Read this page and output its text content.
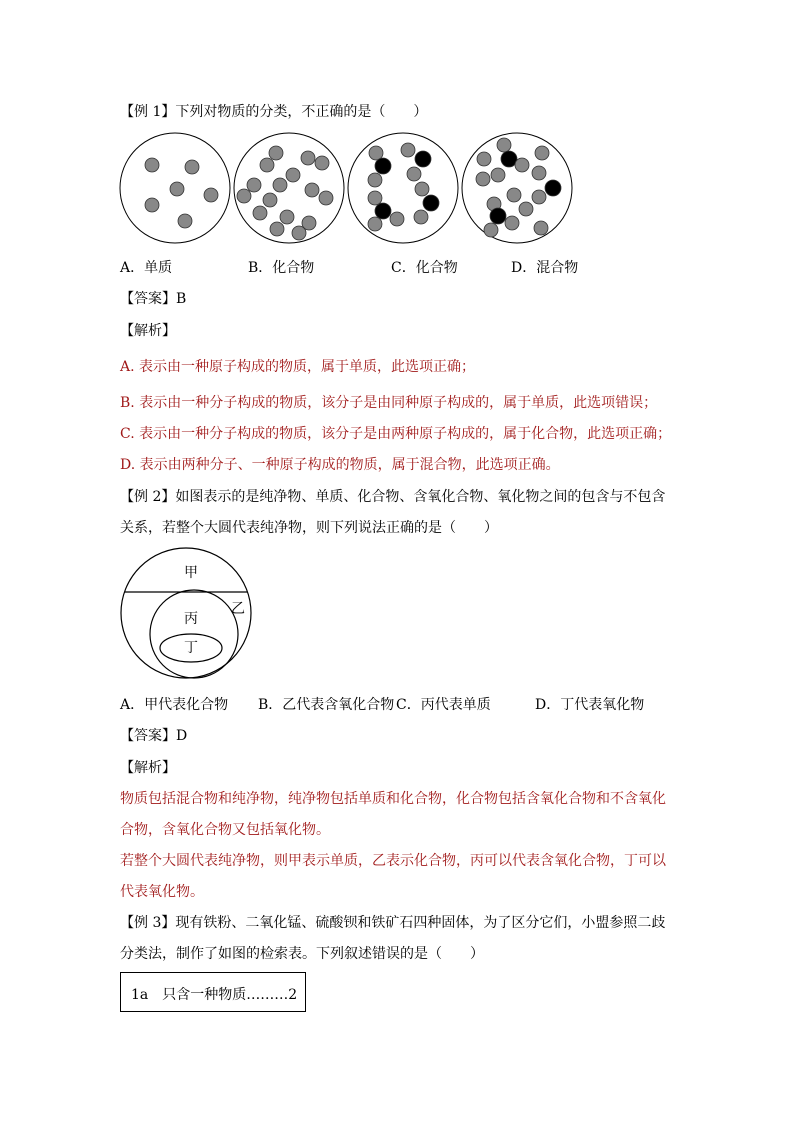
【例 1】下列对物质的分类，不正确的是（　　）
A．单质	B．化合物	C．化合物	D．混合物
【答案】B
【解析】
A. 表示由一种原子构成的物质，属于单质，此选项正确；
B. 表示由一种分子构成的物质，该分子是由同种原子构成的，属于单质，此选项错误；
C. 表示由一种分子构成的物质，该分子是由两种原子构成的，属于化合物，此选项正确；
D. 表示由两种分子、一种原子构成的物质，属于混合物，此选项正确。
【例 2】如图表示的是纯净物、单质、化合物、含氧化合物、氧化物之间的包含与不包含
关系，若整个大圆代表纯净物，则下列说法正确的是（　　）
甲
乙
丙
丁
A．甲代表化合物 B．乙代表含氧化合物 C．丙代表单质	D．丁代表氧化物
【答案】D
【解析】
物质包括混合物和纯净物，纯净物包括单质和化合物，化合物包括含氧化合物和不含氧化
合物，含氧化合物又包括氧化物。
若整个大圆代表纯净物，则甲表示单质，乙表示化合物，丙可以代表含氧化合物，丁可以
代表氧化物。
【例 3】现有铁粉、二氧化锰、硫酸钡和铁矿石四种固体，为了区分它们，小盟参照二歧
分类法，制作了如图的检索表。下列叙述错误的是（　　）
1a　只含一种物质………2
